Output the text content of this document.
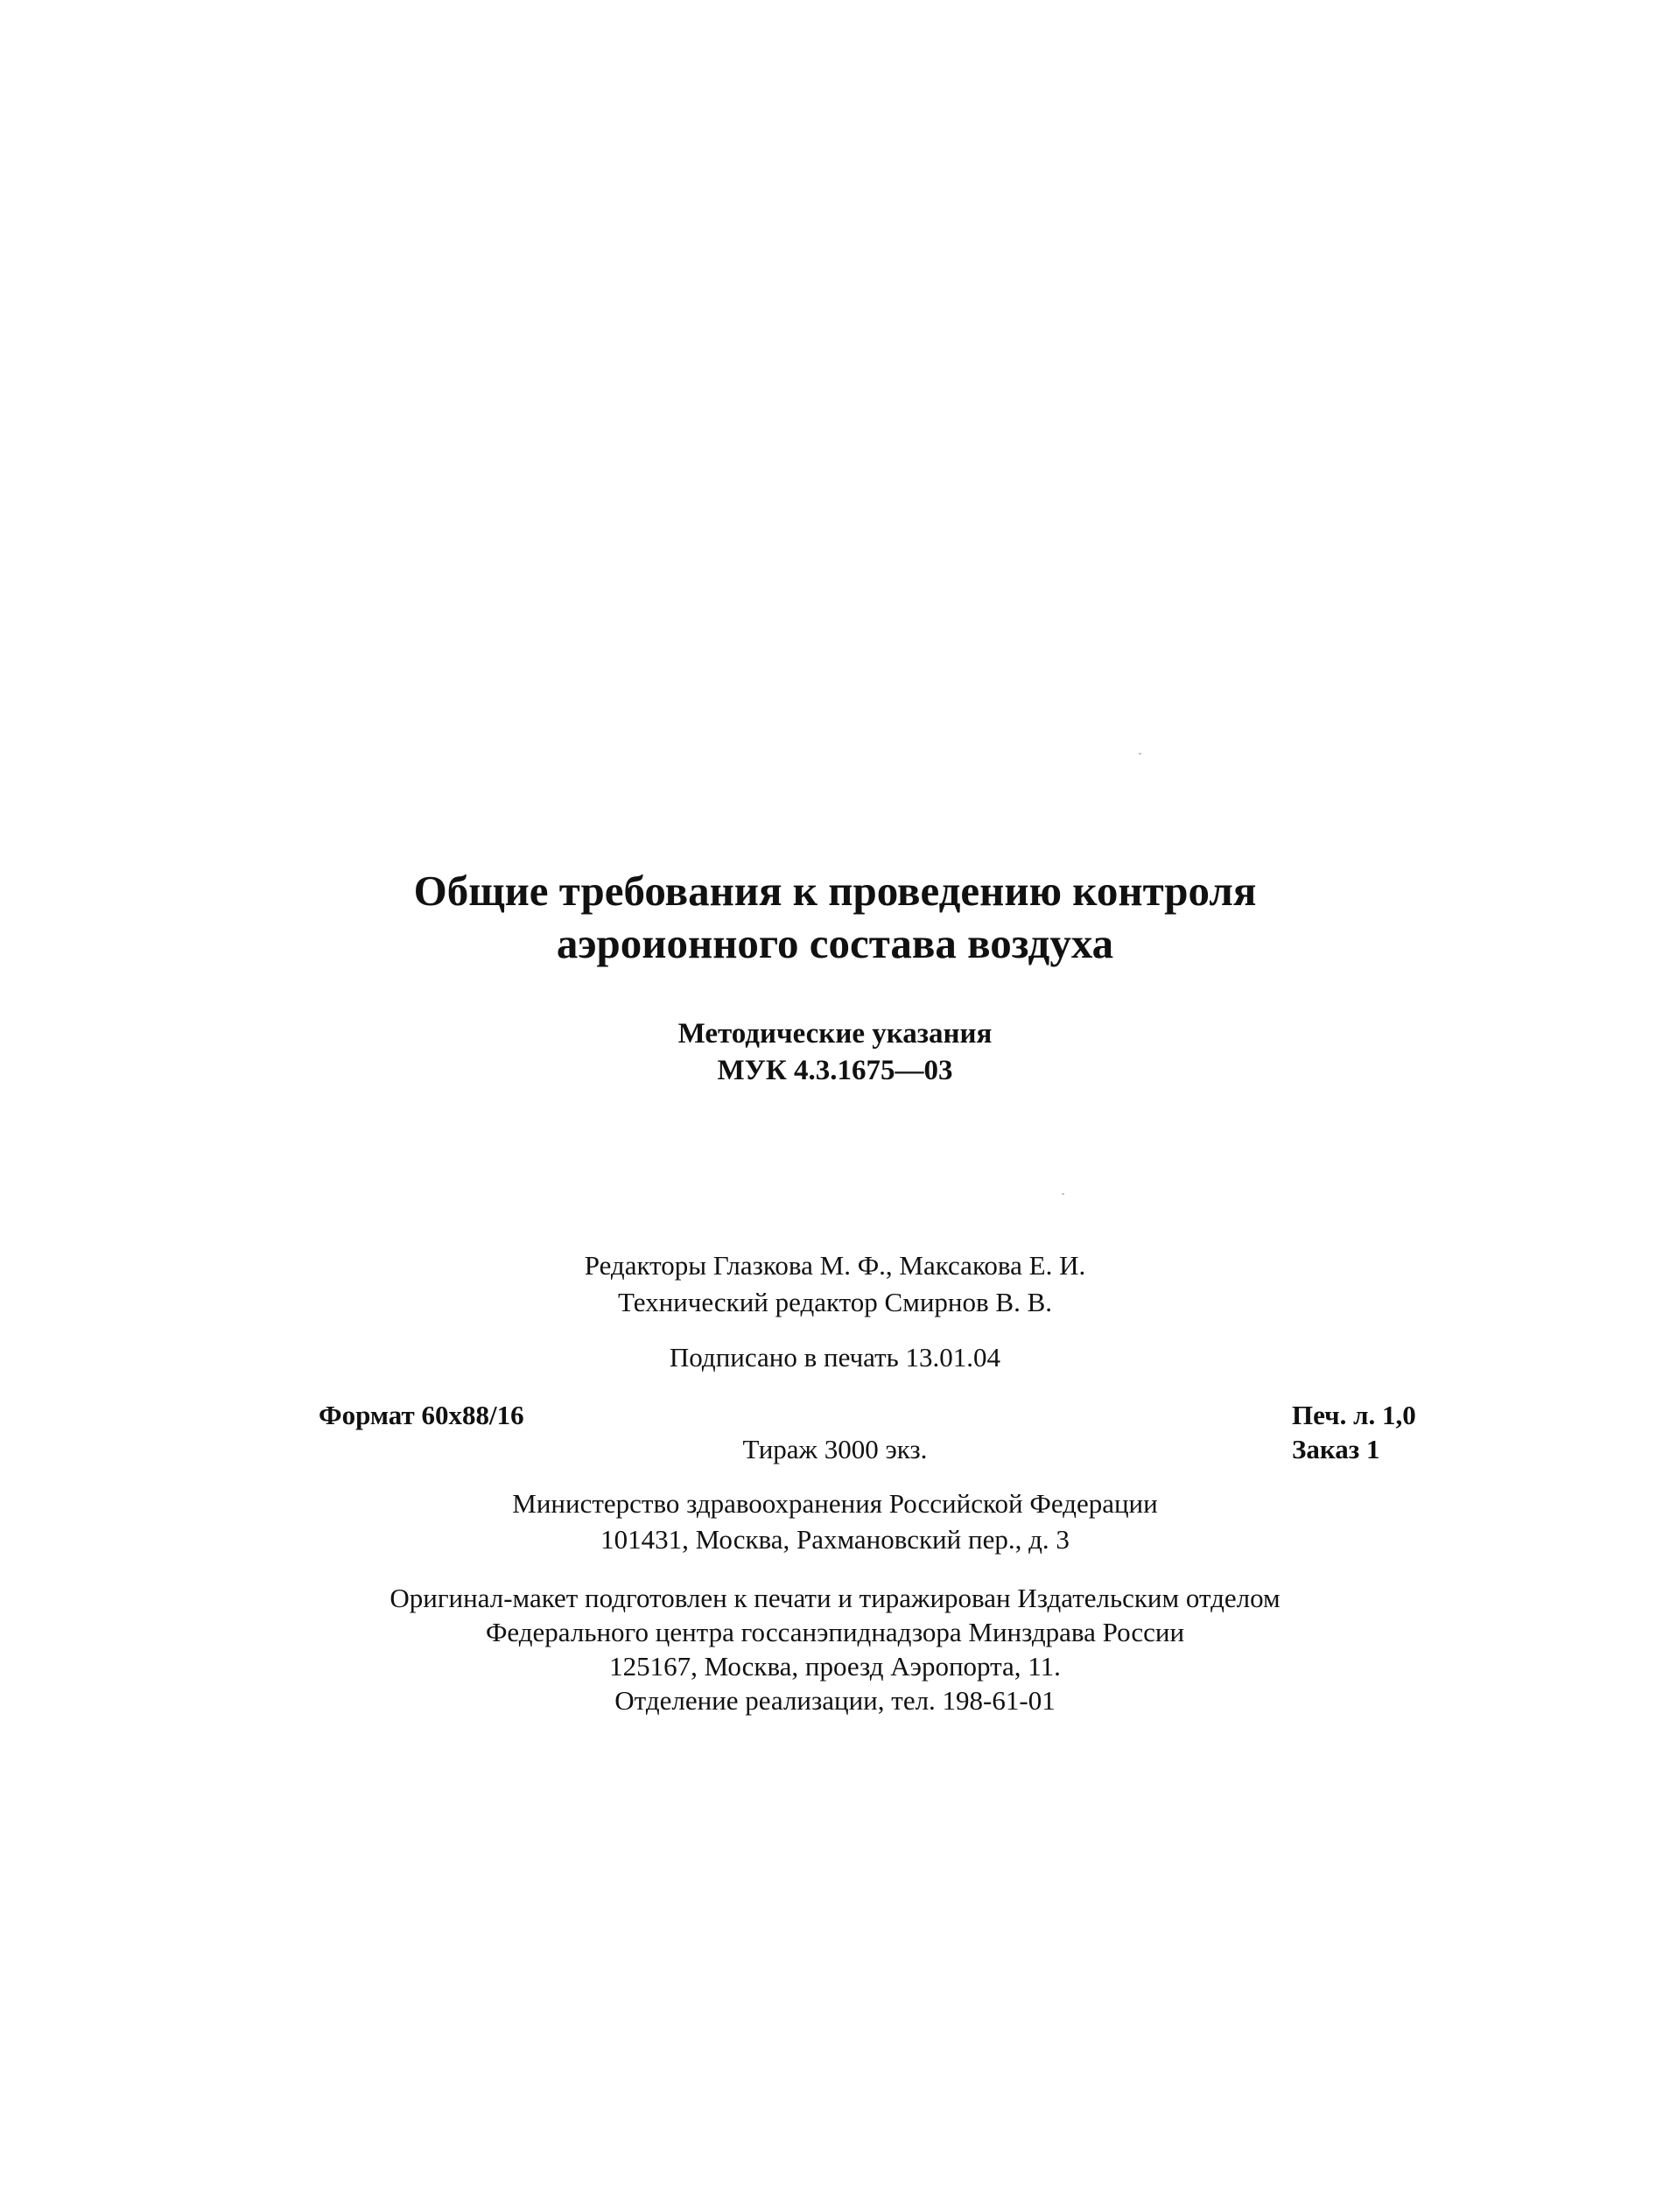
Общие требования к проведению контроля
аэроионного состава воздуха
Методические указания
МУК 4.3.1675—03
Редакторы Глазкова М. Ф., Максакова Е. И.
Технический редактор Смирнов В. В.
Подписано в печать 13.01.04
Формат 60x88/16	Печ. л. 1,0
Тираж 3000 экз.	Заказ 1
Министерство здравоохранения Российской Федерации
101431, Москва, Рахмановский пер., д. 3
Оригинал-макет подготовлен к печати и тиражирован Издательским отделом
Федерального центра госсанэпиднадзора Минздрава России
125167, Москва, проезд Аэропорта, 11.
Отделение реализации, тел. 198-61-01
